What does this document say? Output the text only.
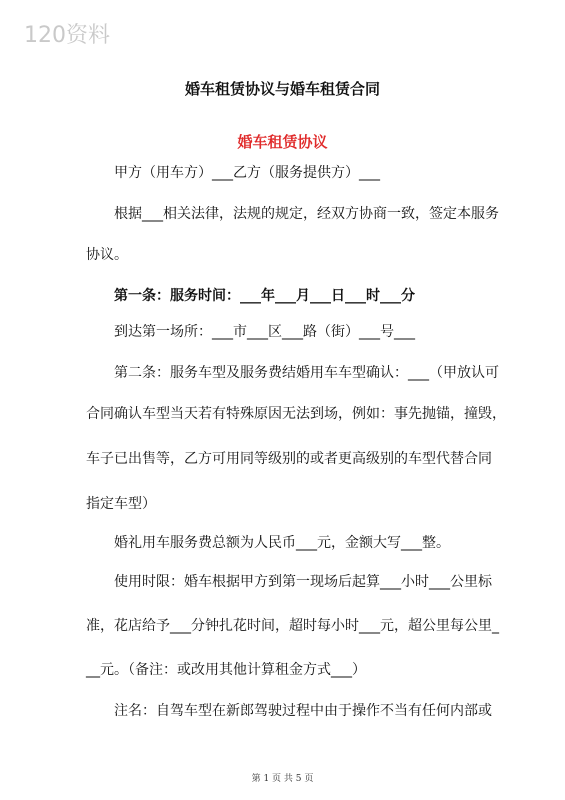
120资料
婚车租赁协议与婚车租赁合同
婚车租赁协议
甲方（用车方）___乙方（服务提供方）___
根据___相关法律，法规的规定，经双方协商一致，签定本服务
协议。
第一条：服务时间：___年___月___日___时___分
到达第一场所：___市___区___路（街）___号___
第二条：服务车型及服务费结婚用车车型确认：___（甲放认可
合同确认车型当天若有特殊原因无法到场，例如：事先抛锚，撞毁，
车子已出售等，乙方可用同等级别的或者更高级别的车型代替合同
指定车型）
婚礼用车服务费总额为人民币___元，金额大写___整。
使用时限：婚车根据甲方到第一现场后起算___小时___公里标
准，花店给予___分钟扎花时间，超时每小时___元，超公里每公里_
__元。（备注：或改用其他计算租金方式___）
注名：自驾车型在新郎驾驶过程中由于操作不当有任何内部或
第 1 页 共 5 页
